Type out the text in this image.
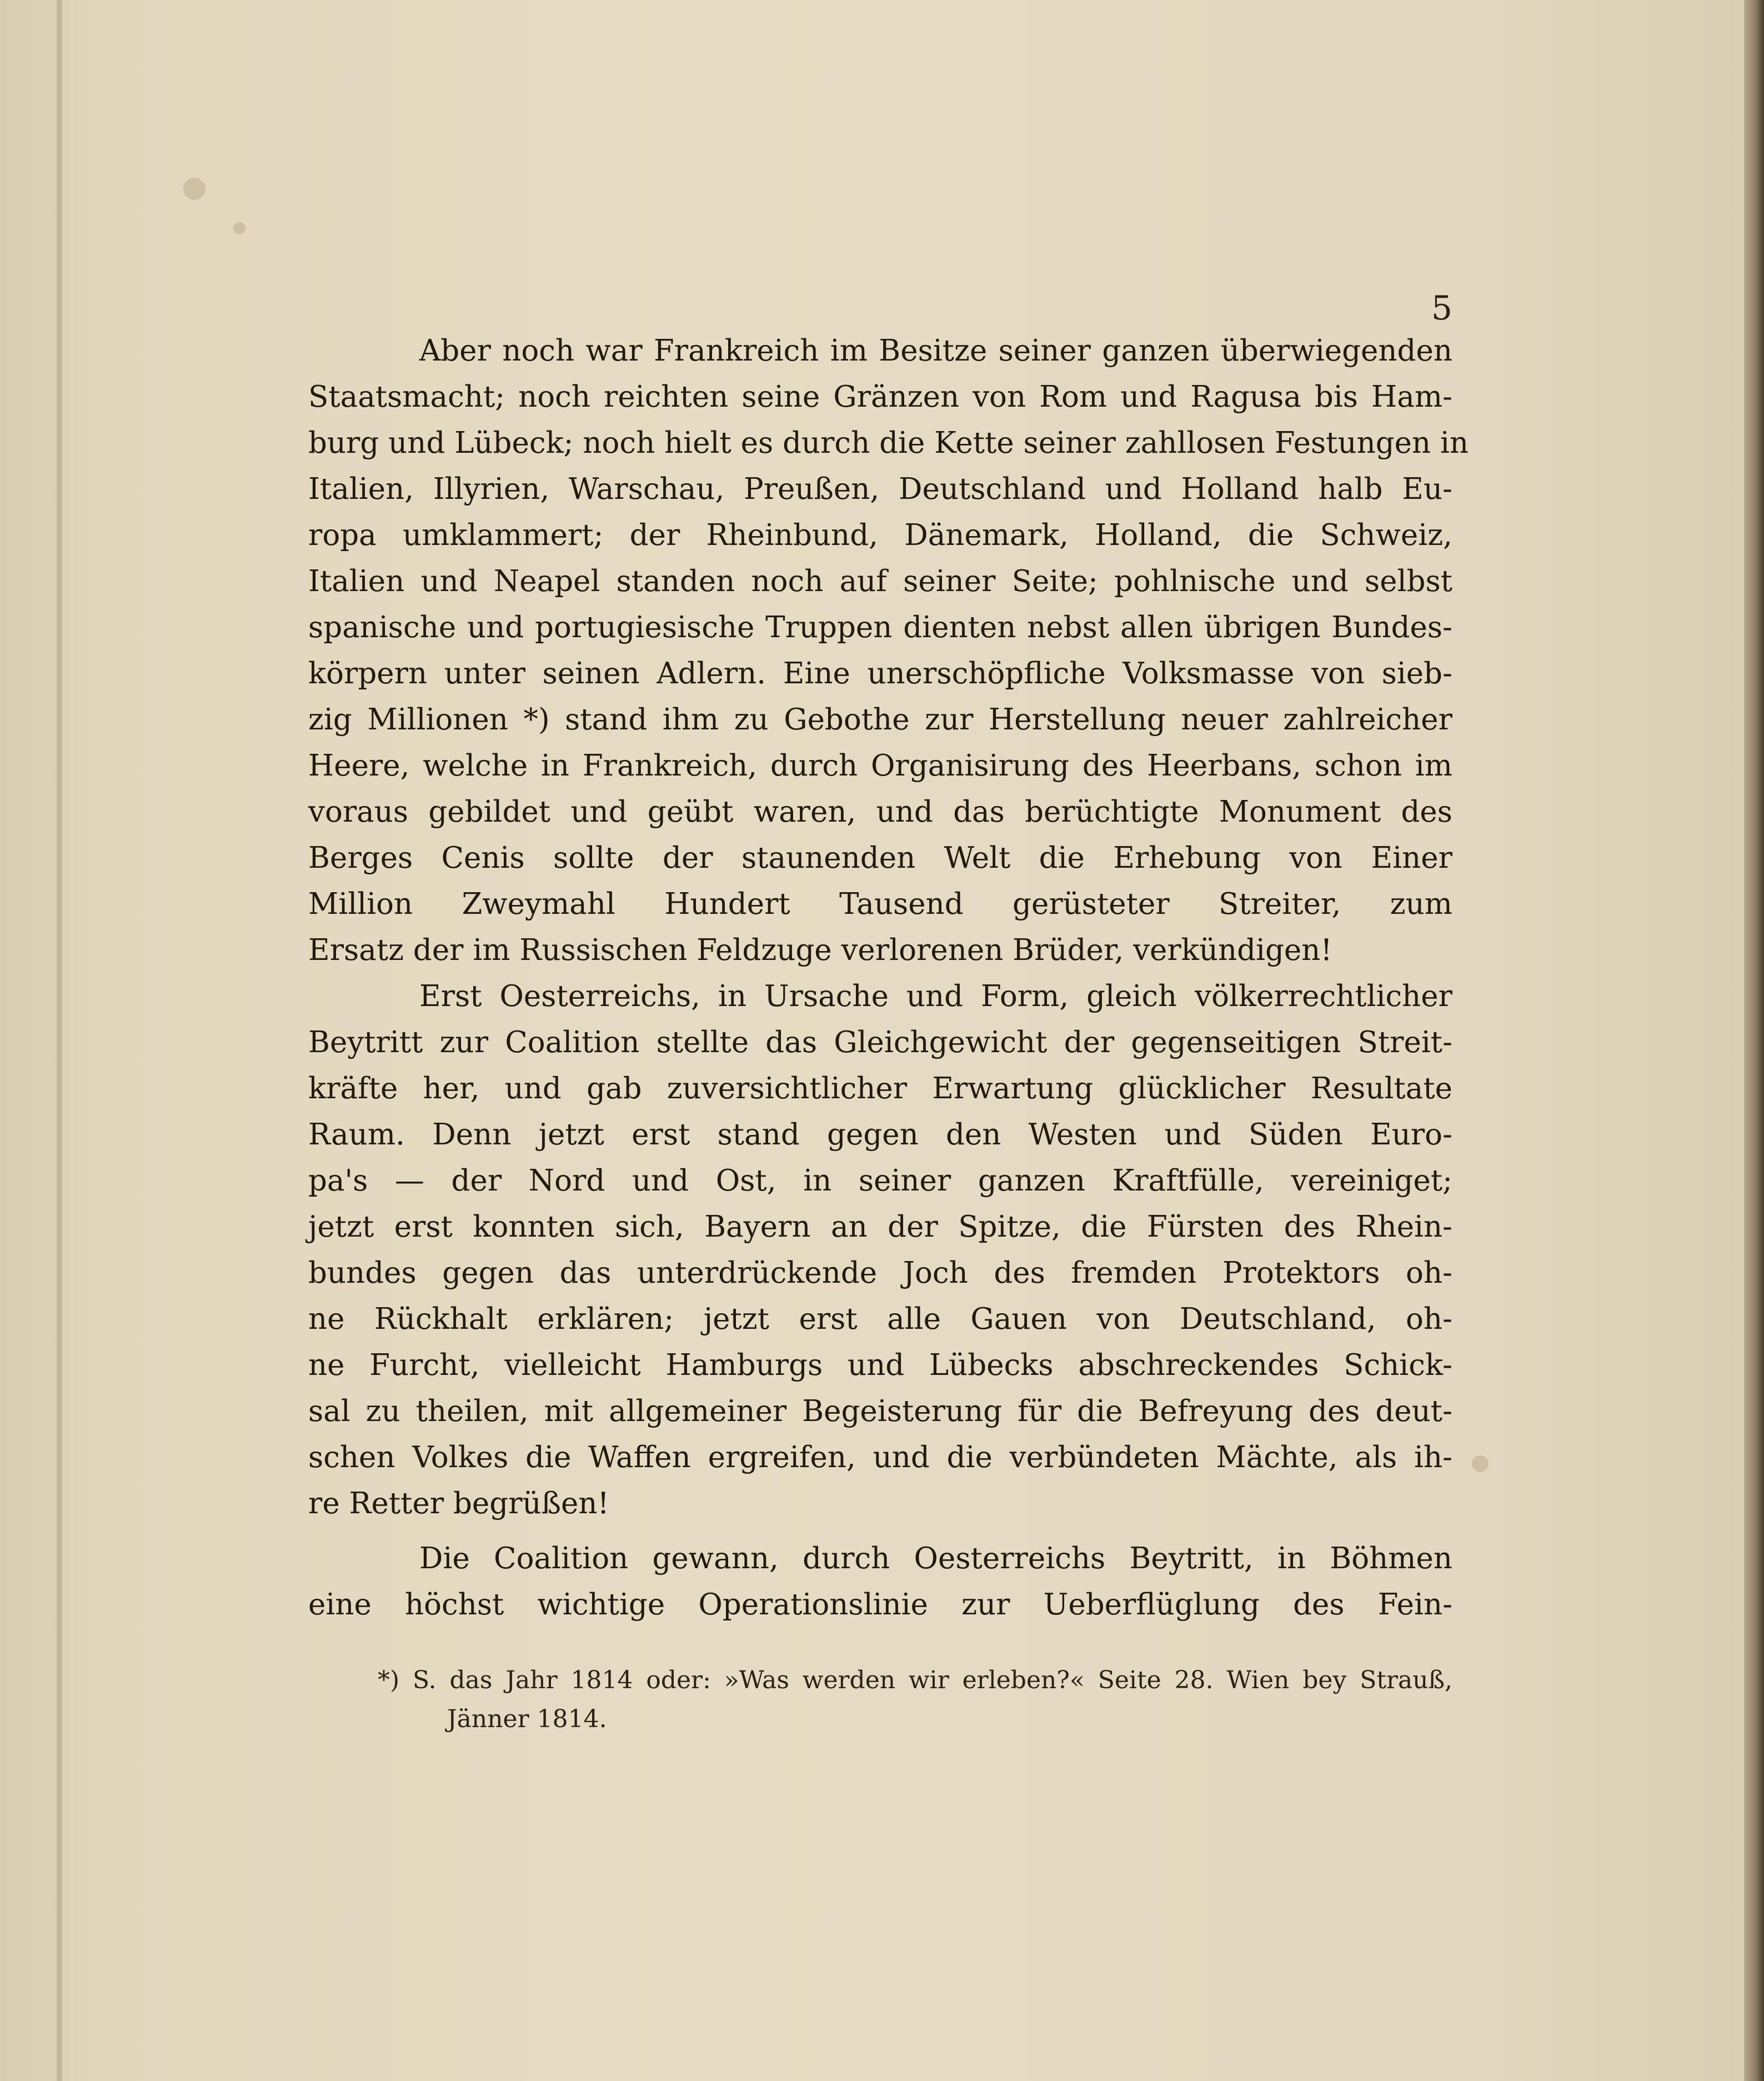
5
Aber noch war Frankreich im Besitze seiner ganzen überwiegenden
Staatsmacht; noch reichten seine Gränzen von Rom und Ragusa bis Ham-
burg und Lübeck; noch hielt es durch die Kette seiner zahllosen Festungen in
Italien, Illyrien, Warschau, Preußen, Deutschland und Holland halb Eu-
ropa umklammert; der Rheinbund, Dänemark, Holland, die Schweiz,
Italien und Neapel standen noch auf seiner Seite; pohlnische und selbst
spanische und portugiesische Truppen dienten nebst allen übrigen Bundes-
körpern unter seinen Adlern. Eine unerschöpfliche Volksmasse von sieb-
zig Millionen *) stand ihm zu Gebothe zur Herstellung neuer zahlreicher
Heere, welche in Frankreich, durch Organisirung des Heerbans, schon im
voraus gebildet und geübt waren, und das berüchtigte Monument des
Berges Cenis sollte der staunenden Welt die Erhebung von Einer
Million Zweymahl Hundert Tausend gerüsteter Streiter, zum
Ersatz der im Russischen Feldzuge verlorenen Brüder, verkündigen!
Erst Oesterreichs, in Ursache und Form, gleich völkerrechtlicher
Beytritt zur Coalition stellte das Gleichgewicht der gegenseitigen Streit-
kräfte her, und gab zuversichtlicher Erwartung glücklicher Resultate
Raum. Denn jetzt erst stand gegen den Westen und Süden Euro-
pa's — der Nord und Ost, in seiner ganzen Kraftfülle, vereiniget;
jetzt erst konnten sich, Bayern an der Spitze, die Fürsten des Rhein-
bundes gegen das unterdrückende Joch des fremden Protektors oh-
ne Rückhalt erklären; jetzt erst alle Gauen von Deutschland, oh-
ne Furcht, vielleicht Hamburgs und Lübecks abschreckendes Schick-
sal zu theilen, mit allgemeiner Begeisterung für die Befreyung des deut-
schen Volkes die Waffen ergreifen, und die verbündeten Mächte, als ih-
re Retter begrüßen!
Die Coalition gewann, durch Oesterreichs Beytritt, in Böhmen
eine höchst wichtige Operationslinie zur Ueberflüglung des Fein-
*) S. das Jahr 1814 oder: »Was werden wir erleben?« Seite 28. Wien bey Strauß,
Jänner 1814.
